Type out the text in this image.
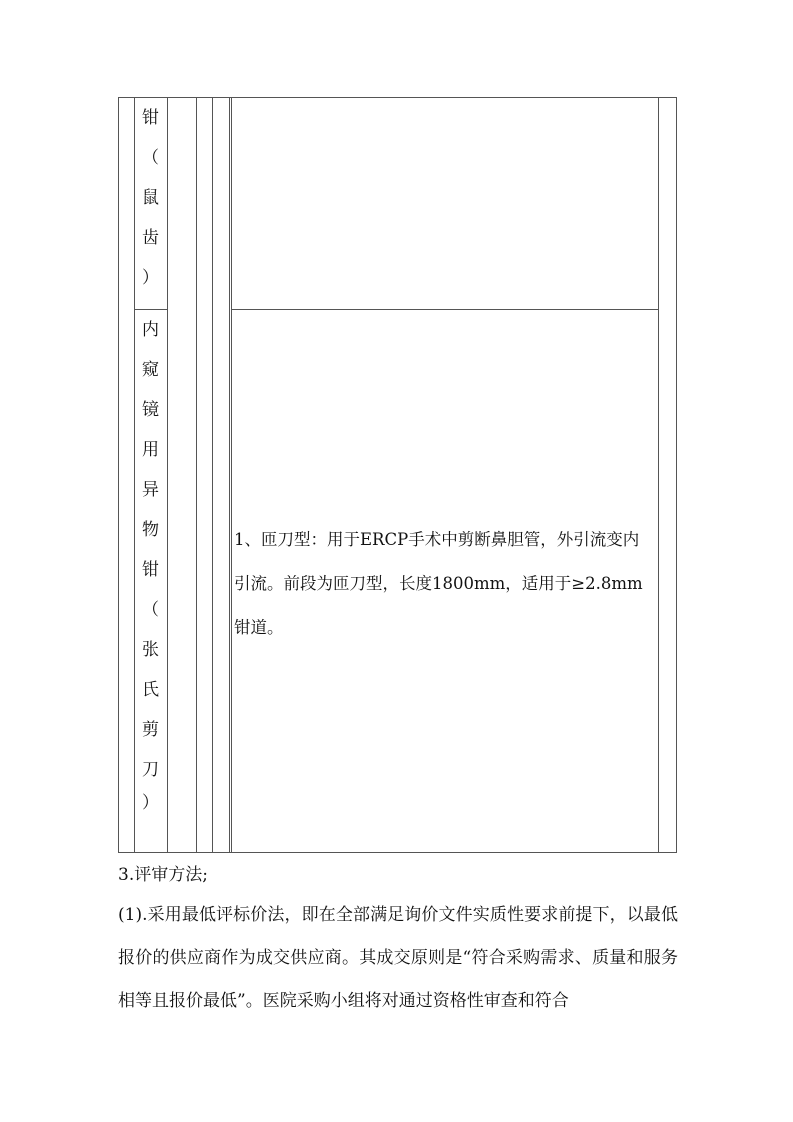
钳
（
鼠
齿
）
内
窥
镜
用
异
物
钳
（
张
氏
剪
刀
）

1、匝刀型：用于ERCP手术中剪断鼻胆管，外引流变内引流。前段为匝刀型，长度1800mm，适用于≥2.8mm钳道。

3.评审方法;

(1).采用最低评标价法，即在全部满足询价文件实质性要求前提下，以最低报价的供应商作为成交供应商。其成交原则是“符合采购需求、质量和服务相等且报价最低”。医院采购小组将对通过资格性审查和符合
